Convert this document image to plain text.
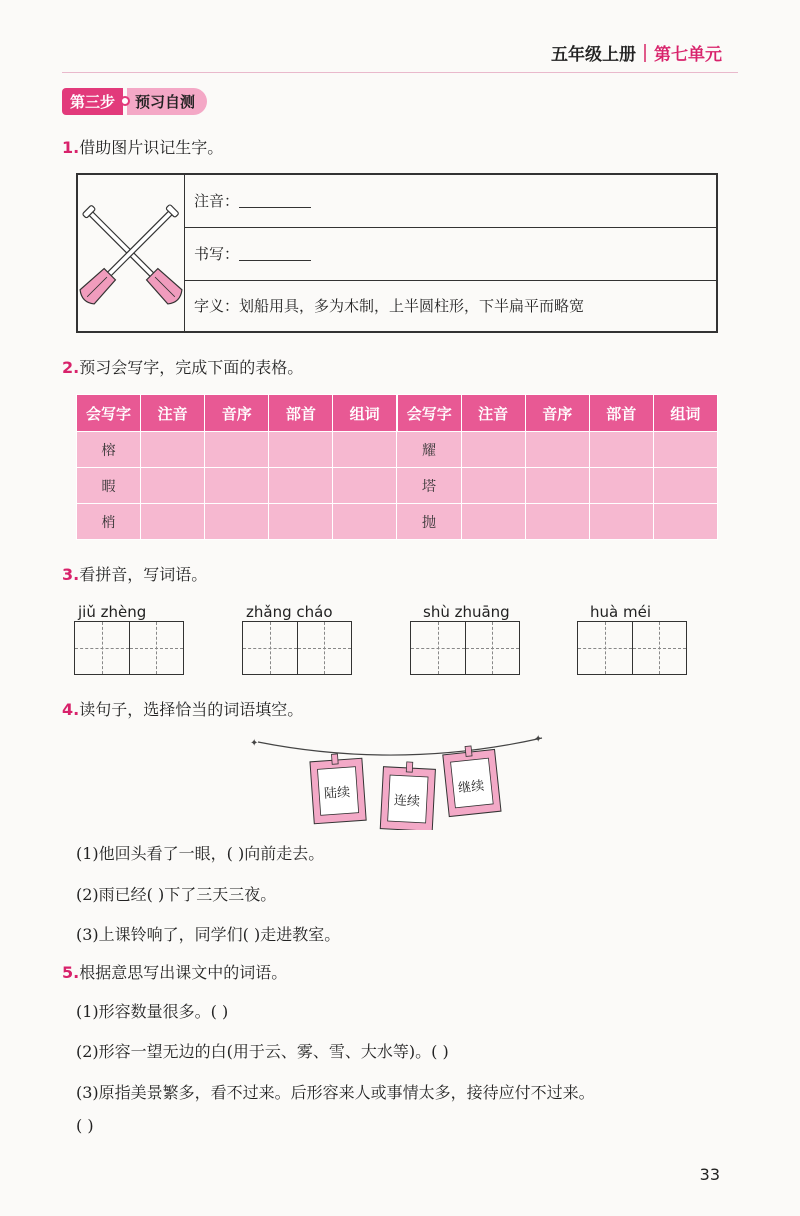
五年级上册 第七单元
第三步	预习自测
1.借助图片识记生字。
注音：
书写：
字义：划船用具，多为木制，上半圆柱形，下半扁平而略宽
2.预习会写字，完成下面的表格。
会写字	注音	音序	部首	组词	会写字	注音	音序	部首	组词
榕					耀				
暇					塔				
梢					抛				
3.看拼音，写词语。
jiǔ zhèng	zhǎng cháo	shù zhuāng	huà méi
4.读句子，选择恰当的词语填空。
✦	✦
陆续	连续
继续
(1)他回头看了一眼，( )向前走去。
(2)雨已经( )下了三天三夜。
(3)上课铃响了，同学们( )走进教室。
5.根据意思写出课文中的词语。
(1)形容数量很多。( )
(2)形容一望无边的白(用于云、雾、雪、大水等)。( )
(3)原指美景繁多，看不过来。后形容来人或事情太多，接待应付不过来。
( )
33
